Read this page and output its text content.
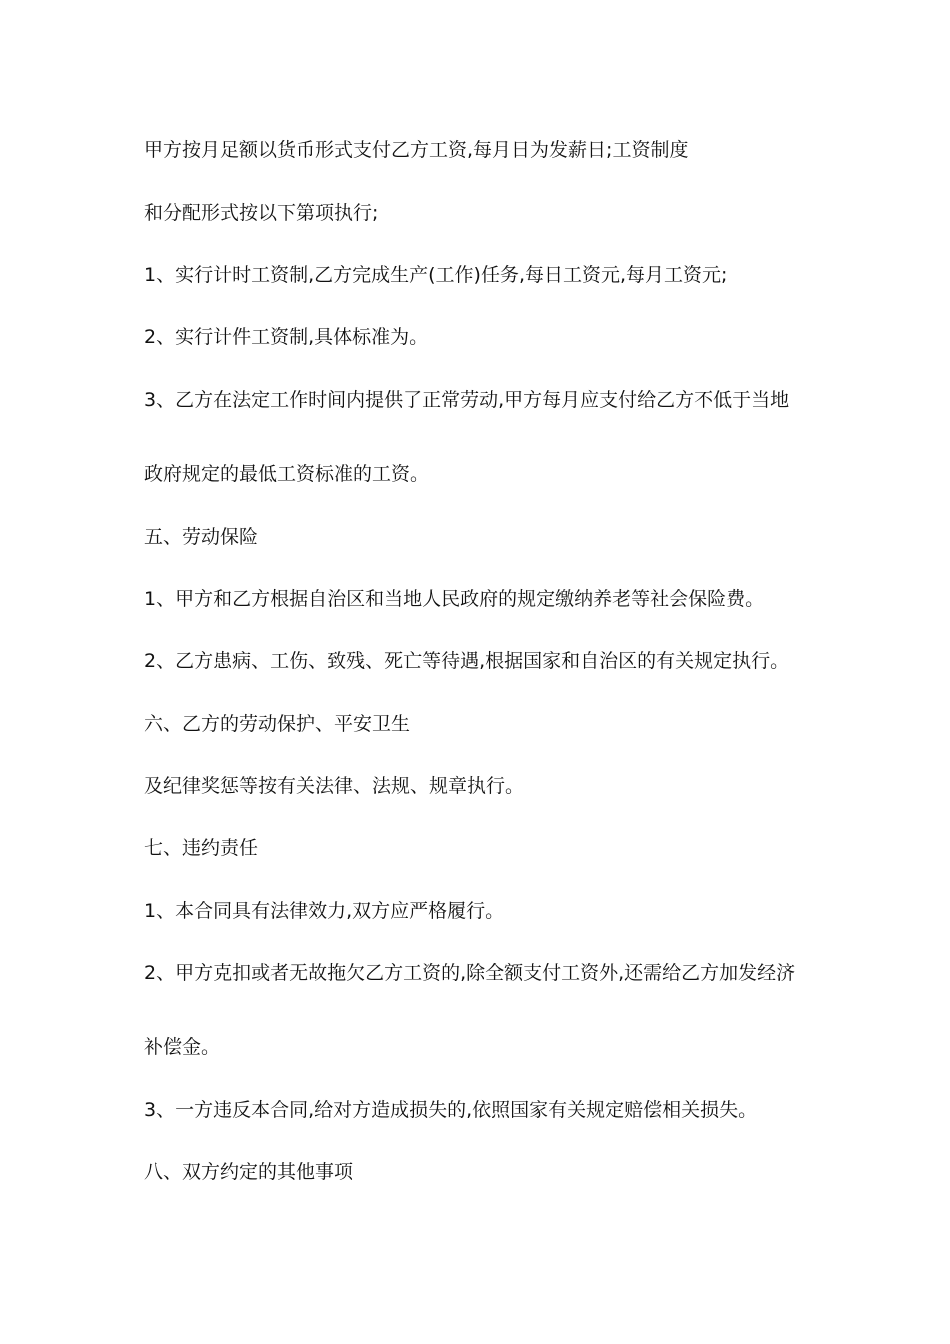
甲方按月足额以货币形式支付乙方工资,每月日为发薪日;工资制度
和分配形式按以下第项执行;
1、实行计时工资制,乙方完成生产(工作)任务,每日工资元,每月工资元;
2、实行计件工资制,具体标准为。
3、乙方在法定工作时间内提供了正常劳动,甲方每月应支付给乙方不低于当地
政府规定的最低工资标准的工资。
五、劳动保险
1、甲方和乙方根据自治区和当地人民政府的规定缴纳养老等社会保险费。
2、乙方患病、工伤、致残、死亡等待遇,根据国家和自治区的有关规定执行。
六、乙方的劳动保护、平安卫生
及纪律奖惩等按有关法律、法规、规章执行。
七、违约责任
1、本合同具有法律效力,双方应严格履行。
2、甲方克扣或者无故拖欠乙方工资的,除全额支付工资外,还需给乙方加发经济
补偿金。
3、一方违反本合同,给对方造成损失的,依照国家有关规定赔偿相关损失。
八、双方约定的其他事项
